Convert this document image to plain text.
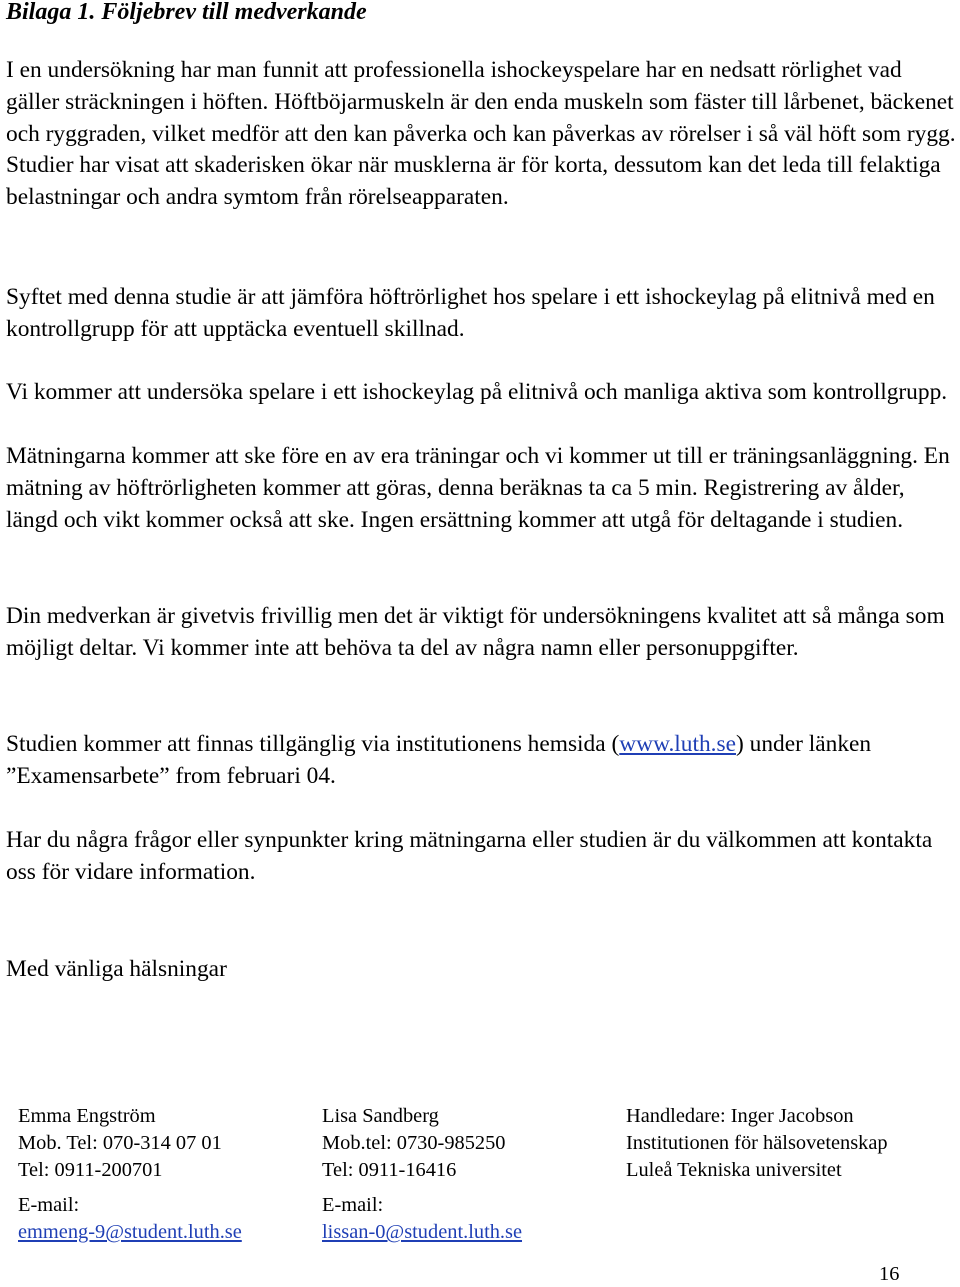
Bilaga 1. Följebrev till medverkande

I en undersökning har man funnit att professionella ishockeyspelare har en nedsatt rörlighet vad gäller sträckningen i höften. Höftböjarmuskeln är den enda muskeln som fäster till lårbenet, bäckenet och ryggraden, vilket medför att den kan påverka och kan påverkas av rörelser i så väl höft som rygg. Studier har visat att skaderisken ökar när musklerna är för korta, dessutom kan det leda till felaktiga belastningar och andra symtom från rörelseapparaten.

Syftet med denna studie är att jämföra höftrörlighet hos spelare i ett ishockeylag på elitnivå med en kontrollgrupp för att upptäcka eventuell skillnad.

Vi kommer att undersöka spelare i ett ishockeylag på elitnivå och manliga aktiva som kontrollgrupp.

Mätningarna kommer att ske före en av era träningar och vi kommer ut till er träningsanläggning. En mätning av höftrörligheten kommer att göras, denna beräknas ta ca 5 min. Registrering av ålder, längd och vikt kommer också att ske. Ingen ersättning kommer att utgå för deltagande i studien.

Din medverkan är givetvis frivillig men det är viktigt för undersökningens kvalitet att så många som möjligt deltar. Vi kommer inte att behöva ta del av några namn eller personuppgifter.

Studien kommer att finnas tillgänglig via institutionens hemsida (www.luth.se) under länken ”Examensarbete” from februari 04.

Har du några frågor eller synpunkter kring mätningarna eller studien är du välkommen att kontakta oss för vidare information.

Med vänliga hälsningar

Emma Engström
Mob. Tel: 070-314 07 01
Tel: 0911-200701
E-mail:
emmeng-9@student.luth.se
Lisa Sandberg
Mob.tel: 0730-985250
Tel: 0911-16416
E-mail:
lissan-0@student.luth.se
Handledare: Inger Jacobson
Institutionen för hälsovetenskap
Luleå Tekniska universitet
16
